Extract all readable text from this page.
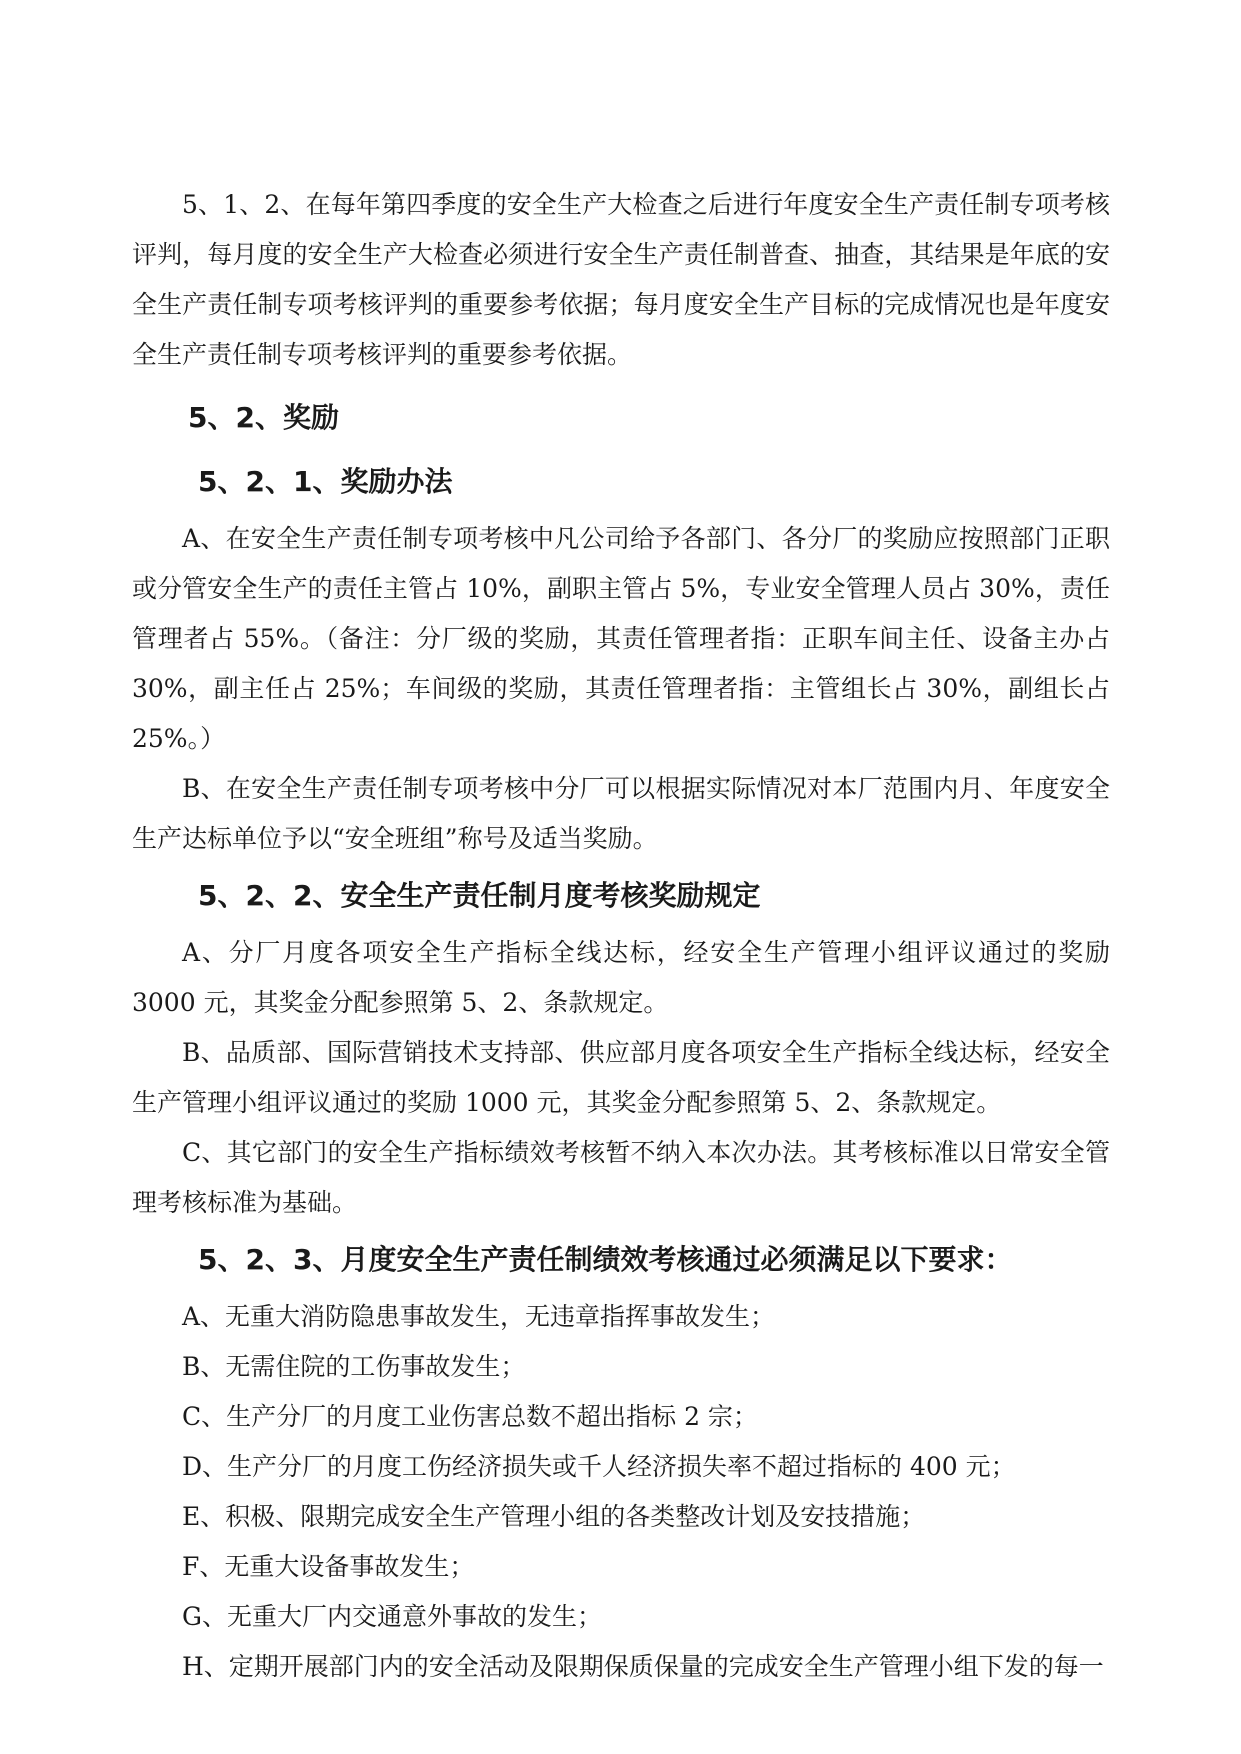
5、1、2、在每年第四季度的安全生产大检查之后进行年度安全生产责任制专项考核评判，每月度的安全生产大检查必须进行安全生产责任制普查、抽查，其结果是年底的安全生产责任制专项考核评判的重要参考依据；每月度安全生产目标的完成情况也是年度安全生产责任制专项考核评判的重要参考依据。

5、2、奖励
5、2、1、奖励办法

A、在安全生产责任制专项考核中凡公司给予各部门、各分厂的奖励应按照部门正职或分管安全生产的责任主管占 10%，副职主管占 5%，专业安全管理人员占 30%，责任管理者占 55%。（备注：分厂级的奖励，其责任管理者指：正职车间主任、设备主办占 30%，副主任占 25%；车间级的奖励，其责任管理者指：主管组长占 30%，副组长占 25%。）

B、在安全生产责任制专项考核中分厂可以根据实际情况对本厂范围内月、年度安全生产达标单位予以“安全班组”称号及适当奖励。

5、2、2、安全生产责任制月度考核奖励规定

A、分厂月度各项安全生产指标全线达标，经安全生产管理小组评议通过的奖励 3000 元，其奖金分配参照第 5、2、条款规定。

B、品质部、国际营销技术支持部、供应部月度各项安全生产指标全线达标，经安全生产管理小组评议通过的奖励 1000 元，其奖金分配参照第 5、2、条款规定。

C、其它部门的安全生产指标绩效考核暂不纳入本次办法。其考核标准以日常安全管理考核标准为基础。

5、2、3、月度安全生产责任制绩效考核通过必须满足以下要求：

A、无重大消防隐患事故发生，无违章指挥事故发生；

B、无需住院的工伤事故发生；

C、生产分厂的月度工业伤害总数不超出指标 2 宗；

D、生产分厂的月度工伤经济损失或千人经济损失率不超过指标的 400 元；

E、积极、限期完成安全生产管理小组的各类整改计划及安技措施；

F、无重大设备事故发生；

G、无重大厂内交通意外事故的发生；

H、定期开展部门内的安全活动及限期保质保量的完成安全生产管理小组下发的每一
